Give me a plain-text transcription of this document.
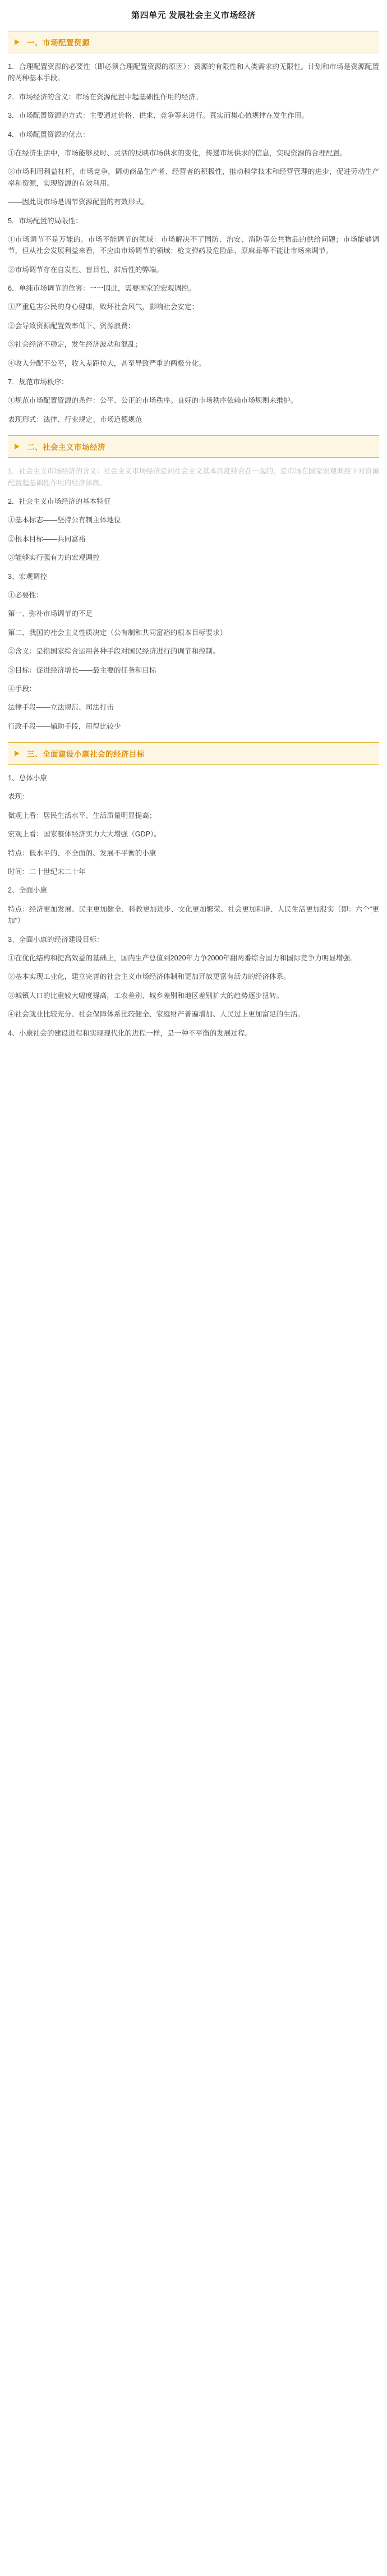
第四单元 发展社会主义市场经济
一、市场配置资源

1．合理配置资源的必要性（即必须合理配置资源的原因）：资源的有限性和人类需求的无限性。计划和市场是资源配置的两种基本手段。

2．市场经济的含义：市场在资源配置中起基础性作用的经济。

3．市场配置资源的方式：主要通过价格、供求、竞争等来进行。真实而集心值规律在发生作用。

4．市场配置资源的优点：

①在经济生活中，市场能够及时、灵活的反映市场供求的变化，传递市场供求的信息，实现资源的合理配置。

②市场利用利益杠杆，市场竞争，调动商品生产者、经营者的积极性，推动科学技术和经营管理的进步，促进劳动生产率和资源，实现资源的有效利用。

——因此说市场是调节资源配置的有效形式。

5．市场配置的局限性：

①市场调节不是万能的。市场不能调节的领域：市场解决不了国防、治安、消防等公共物品的供给问题；市场能够调节，但从社会发展利益来看，不应由市场调节的领域：枪支弹药及危险品、原麻品等不能让市场来调节。

②市场调节存在自发性、盲目性、滞后性的弊端。

6．单纯市场调节的危害：一一因此，需要国家的宏观调控。

①严重危害公民的身心健康，败坏社会风气，影响社会安定；

②会导致资源配置效率低下、资源浪费；

③社会经济不稳定，发生经济波动和混乱；

④收入分配不公平，收入差距拉大，甚至导致严重的两极分化。

7．规范市场秩序：

①规范市场配置资源的条件：公平、公正的市场秩序。良好的市场秩序依赖市场规则来维护。

表现形式：法律、行业规定、市场道德规范

二、社会主义市场经济

1．社会主义市场经济的含义：社会主义市场经济是同社会主义基本制度结合在一起的，是市场在国家宏观调控下对资源配置起基础性作用的经济体制。

2．社会主义市场经济的基本特征

①基本标志——坚持公有制主体地位

②根本目标——共同富裕

③能够实行强有力的宏观调控

3、宏观调控

①必要性：

第一、弥补市场调节的不足

第二、我国的社会主义性质决定（公有制和共同富裕的根本目标要求）

②含义：是指国家综合运用各种手段对国民经济进行的调节和控制。

③目标：促进经济增长——最主要的任务和目标

④手段：

法律手段——立法规范、司法打击

行政手段——辅助手段，用得比较少

三、全面建设小康社会的经济目标

1、总体小康

表现：

微观上看：居民生活水平、生活质量明显提高；

宏观上看：国家整体经济实力大大增强（GDP）。

特点：低水平的、不全面的、发展不平衡的小康

时间：二十世纪末二十年

2、全面小康

特点：经济更加发展、民主更加健全、科教更加进步、文化更加繁荣、社会更加和谐、人民生活更加殷实（即：六个"更加"）

3、全面小康的经济建设目标：

①在优化结构和提高效益的基础上，国内生产总值到2020年力争2000年翻两番综合国力和国际竞争力明显增强。

②基本实现工业化，建立完善的社会主义市场经济体制和更加开放更富有活力的经济体系。

③城镇人口的比重较大幅度提高，工农差别、城乡差别和地区差别扩大的趋势逐步扭转。

④社会就业比较充分、社会保障体系比较健全、家庭财产普遍增加、人民过上更加富足的生活。

4、小康社会的建设进程和实现现代化的进程一样，是一种不平衡的发展过程。
